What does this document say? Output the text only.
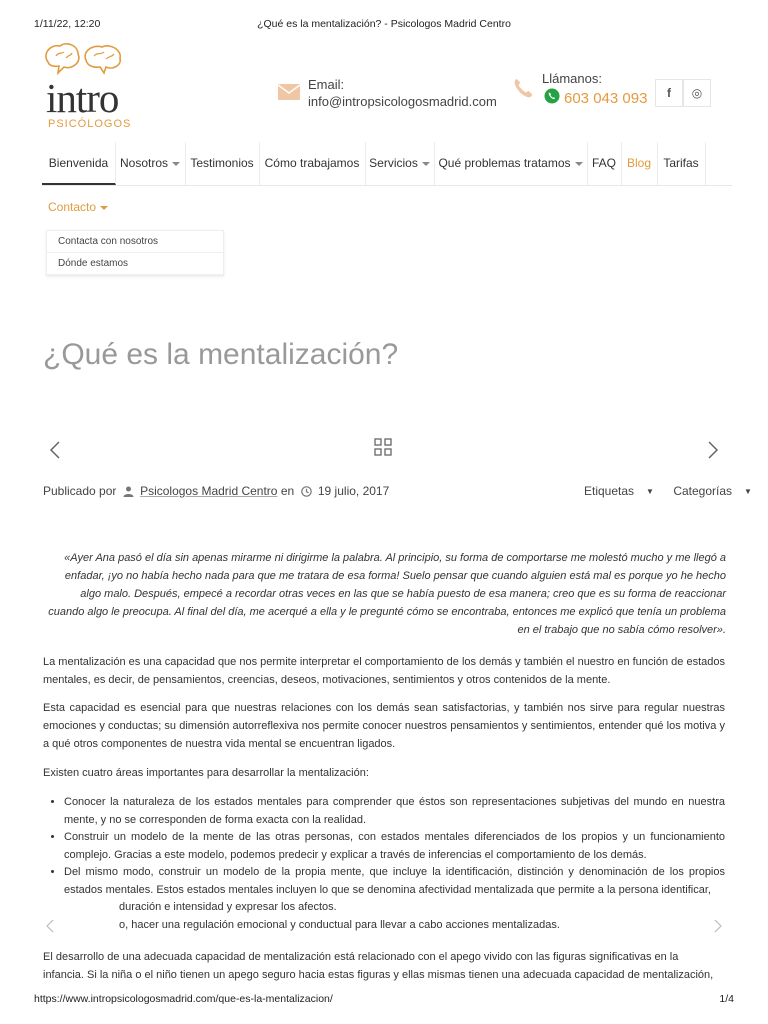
1/11/22, 12:20	¿Qué es la mentalización? - Psicologos Madrid Centro
intro
PSICÓLOGOS
Email:
info@intropsicologosmadrid.com
Llámanos:
603 043 093 f ◎
Bienvenida Nosotros	Testimonios Cómo trabajamos Servicios	Qué problemas tratamos	FAQ Blog	Tarifas
Contacto
Contacta con nosotros
Dónde estamos
¿Qué es la mentalización?
Publicado por Psicologos Madrid Centro en 19 julio, 2017	Etiquetas ▼ Categorías ▼
«Ayer Ana pasó el día sin apenas mirarme ni dirigirme la palabra. Al principio, su forma de comportarse me molestó mucho y me llegó a enfadar, ¡yo no había hecho nada para que me tratara de esa forma! Suelo pensar que cuando alguien está mal es porque yo he hecho algo malo. Después, empecé a recordar otras veces en las que se había puesto de esa manera; creo que es su forma de reaccionar cuando algo le preocupa. Al final del día, me acerqué a ella y le pregunté cómo se encontraba, entonces me explicó que tenía un problema en el trabajo que no sabía cómo resolver».
La mentalización es una capacidad que nos permite interpretar el comportamiento de los demás y también el nuestro en función de estados mentales, es decir, de pensamientos, creencias, deseos, motivaciones, sentimientos y otros contenidos de la mente.
Esta capacidad es esencial para que nuestras relaciones con los demás sean satisfactorias, y también nos sirve para regular nuestras emociones y conductas; su dimensión autorreflexiva nos permite conocer nuestros pensamientos y sentimientos, entender qué los motiva y a qué otros componentes de nuestra vida mental se encuentran ligados.
Existen cuatro áreas importantes para desarrollar la mentalización:
• Conocer la naturaleza de los estados mentales para comprender que éstos son representaciones subjetivas del mundo en nuestra mente, y no se corresponden de forma exacta con la realidad.
• Construir un modelo de la mente de las otras personas, con estados mentales diferenciados de los propios y un funcionamiento complejo. Gracias a este modelo, podemos predecir y explicar a través de inferencias el comportamiento de los demás.
• Del mismo modo, construir un modelo de la propia mente, que incluye la identificación, distinción y denominación de los propios estados mentales. Estos estados mentales incluyen lo que se denomina afectividad mentalizada que permite a la persona identificar,
duración e intensidad y expresar los afectos.
o, hacer una regulación emocional y conductual para llevar a cabo acciones mentalizadas.
El desarrollo de una adecuada capacidad de mentalización está relacionado con el apego vivido con las figuras significativas en la
infancia. Si la niña o el niño tienen un apego seguro hacia estas figuras y ellas mismas tienen una adecuada capacidad de mentalización,
https://www.intropsicologosmadrid.com/que-es-la-mentalizacion/	1/4
